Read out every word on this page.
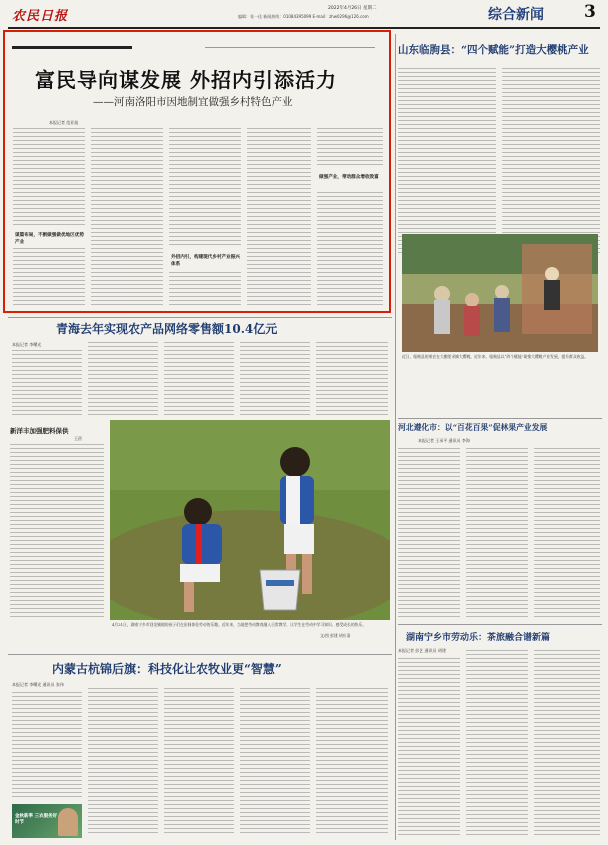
农民日报
2022年4月26日 星期二
编辑：张一佳 新闻热线：01084395099 E-mail：zhw0296@126.com	综合新闻 3
富民导向谋发展 外招内引添活力
——河南洛阳市因地制宜做强乡村特色产业
本报记者 范亚旭
谋篇布局，不断做强做优地区优势产业
外招内引，构建现代乡村产业振兴体系
做强产业，带动群众增收致富
山东临朐县：“四个赋能”打造大樱桃产业
近日，临朐县的果农在大棚里采摘大樱桃。近年来，临朐县以“四个赋能”助推大樱桃产业发展，提升群众收益。
青海去年实现农产品网络零售额10.4亿元
本报记者 李曙光
新洋丰加强肥料保供
王蓓
4月21日，湖南宁乡市回龙铺镇的孩子们在田间体验劳动的乐趣。近年来，当地把劳动教育融入日常教学，让学生在劳动中学习知识、感受成长的快乐。
文/图 彭建 胡应清
河北遵化市：以“百花百果”促林果产业发展
本报记者 王承平 通讯员 李海
内蒙古杭锦后旗：科技化让农牧业更“智慧”
本报记者 李曙光 通讯员 张伟
金秋新季 三农服务好时节
湖南宁乡市劳动乐：茶旅融合谱新篇
本报记者 彭艺 通讯员 胡建
